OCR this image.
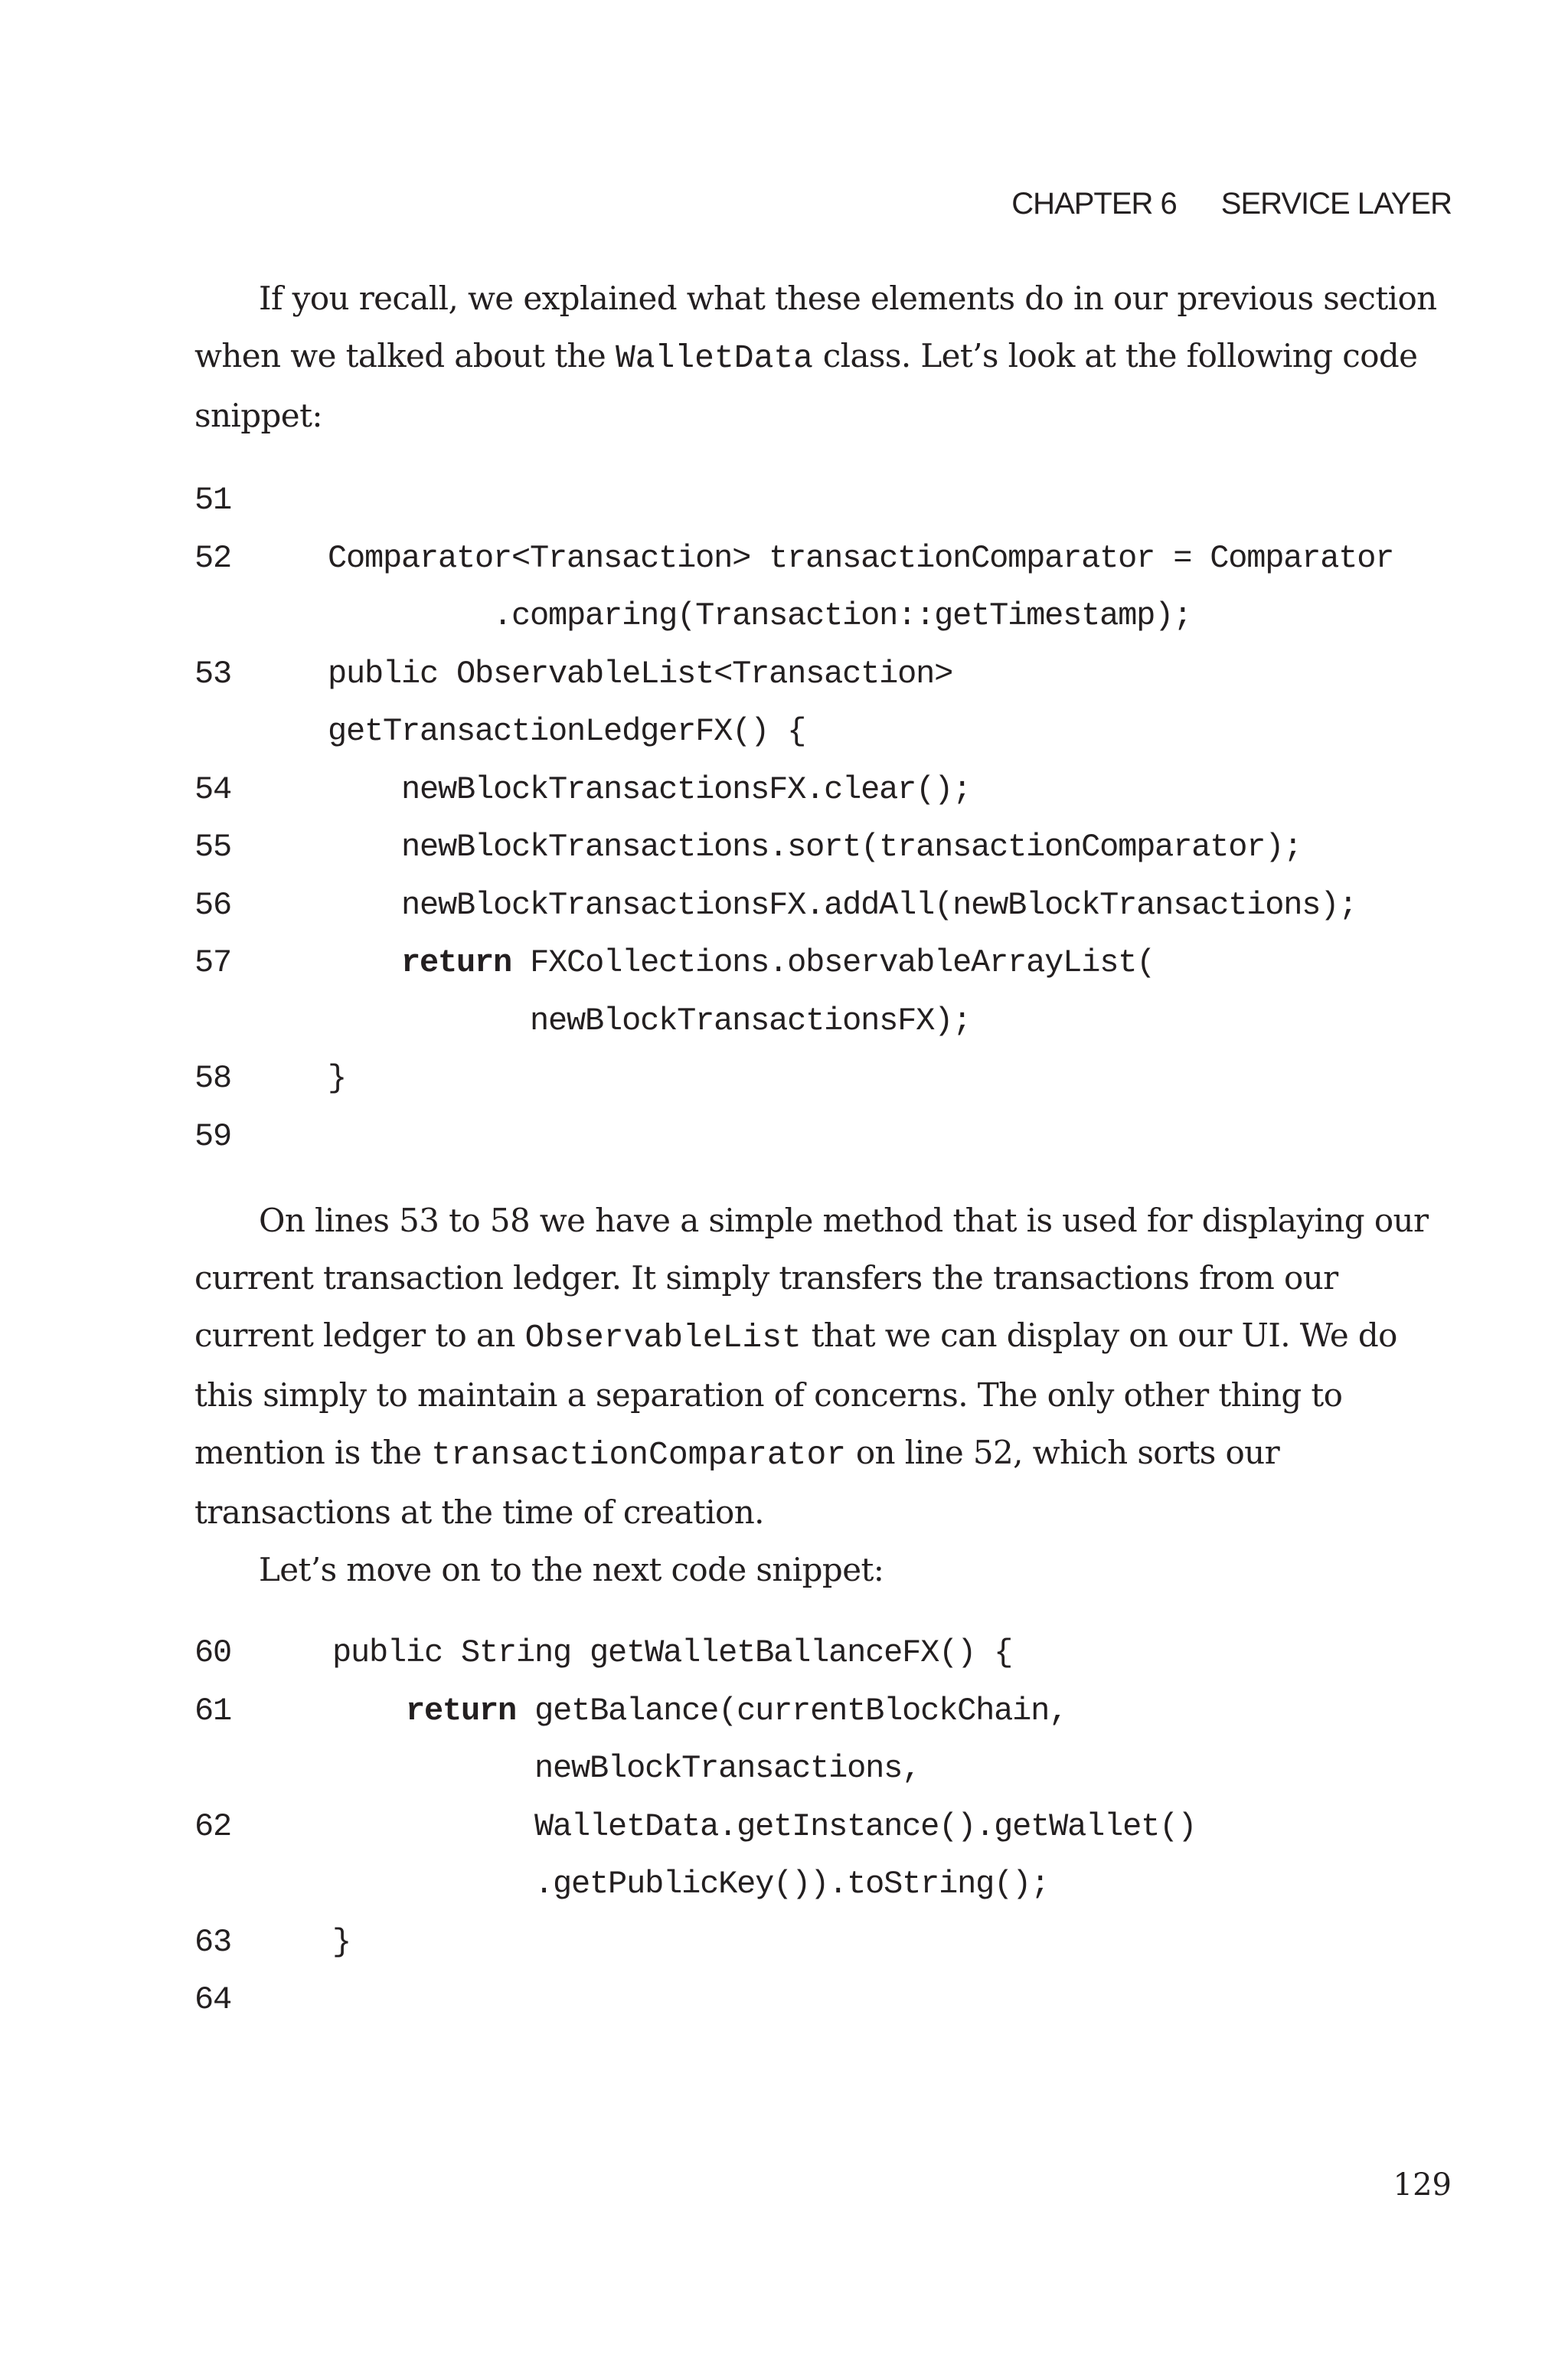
CHAPTER 6 SERVICE LAYER

If you recall, we explained what these elements do in our previous section when we talked about the WalletData class. Let’s look at the following code snippet:

51
52	Comparator<Transaction> transactionComparator = Comparator
.comparing(Transaction::getTimestamp);
53	public ObservableList<Transaction>
getTransactionLedgerFX() {
54	newBlockTransactionsFX.clear();
55	newBlockTransactions.sort(transactionComparator);
56	newBlockTransactionsFX.addAll(newBlockTransactions);
57	return FXCollections.observableArrayList(
newBlockTransactionsFX);
58	}
59

On lines 53 to 58 we have a simple method that is used for displaying our current transaction ledger. It simply transfers the transactions from our current ledger to an ObservableList that we can display on our UI. We do this simply to maintain a separation of concerns. The only other thing to mention is the transactionComparator on line 52, which sorts our transactions at the time of creation.

Let’s move on to the next code snippet:

60	public String getWalletBallanceFX() {
61	return getBalance(currentBlockChain,
newBlockTransactions,
62	WalletData.getInstance().getWallet()
.getPublicKey()).toString();
63	}
64
129
